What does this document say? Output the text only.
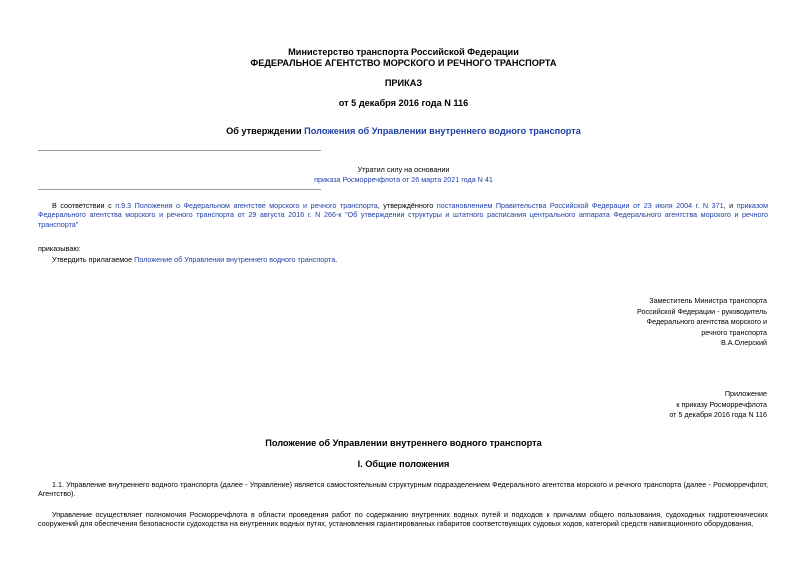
Министерство транспорта Российской Федерации
ФЕДЕРАЛЬНОЕ АГЕНТСТВО МОРСКОГО И РЕЧНОГО ТРАНСПОРТА
ПРИКАЗ
от 5 декабря 2016 года N 116
Об утверждении Положения об Управлении внутреннего водного транспорта
Утратил силу на основании
приказа Росморречфлота от 26 марта 2021 года N 41
В соответствии с п.9.3 Положения о Федеральном агентстве морского и речного транспорта, утверждённого постановлением Правительства Российской Федерации от 23 июля 2004 г. N 371, и приказом Федерального агентства морского и речного транспорта от 29 августа 2016 г. N 266-к "Об утверждении структуры и штатного расписания центрального аппарата Федерального агентства морского и речного транспорта"
приказываю:
Утвердить прилагаемое Положение об Управлении внутреннего водного транспорта.
Заместитель Министра транспорта
Российской Федерации - руководитель
Федерального агентства морского и
речного транспорта
В.А.Олерский
Приложение
к приказу Росморречфлота
от 5 декабря 2016 года N 116
Положение об Управлении внутреннего водного транспорта
I. Общие положения
1.1. Управление внутреннего водного транспорта (далее - Управление) является самостоятельным структурным подразделением Федерального агентства морского и речного транспорта (далее - Росморречфлот, Агентство).
Управление осуществляет полномочия Росморречфлота в области проведения работ по содержанию внутренних водных путей и подходов к причалам общего пользования, судоходных гидротехнических сооружений для обеспечения безопасности судоходства на внутренних водных путях, установления гарантированных габаритов соответствующих судовых ходов, категорий средств навигационного оборудования,
